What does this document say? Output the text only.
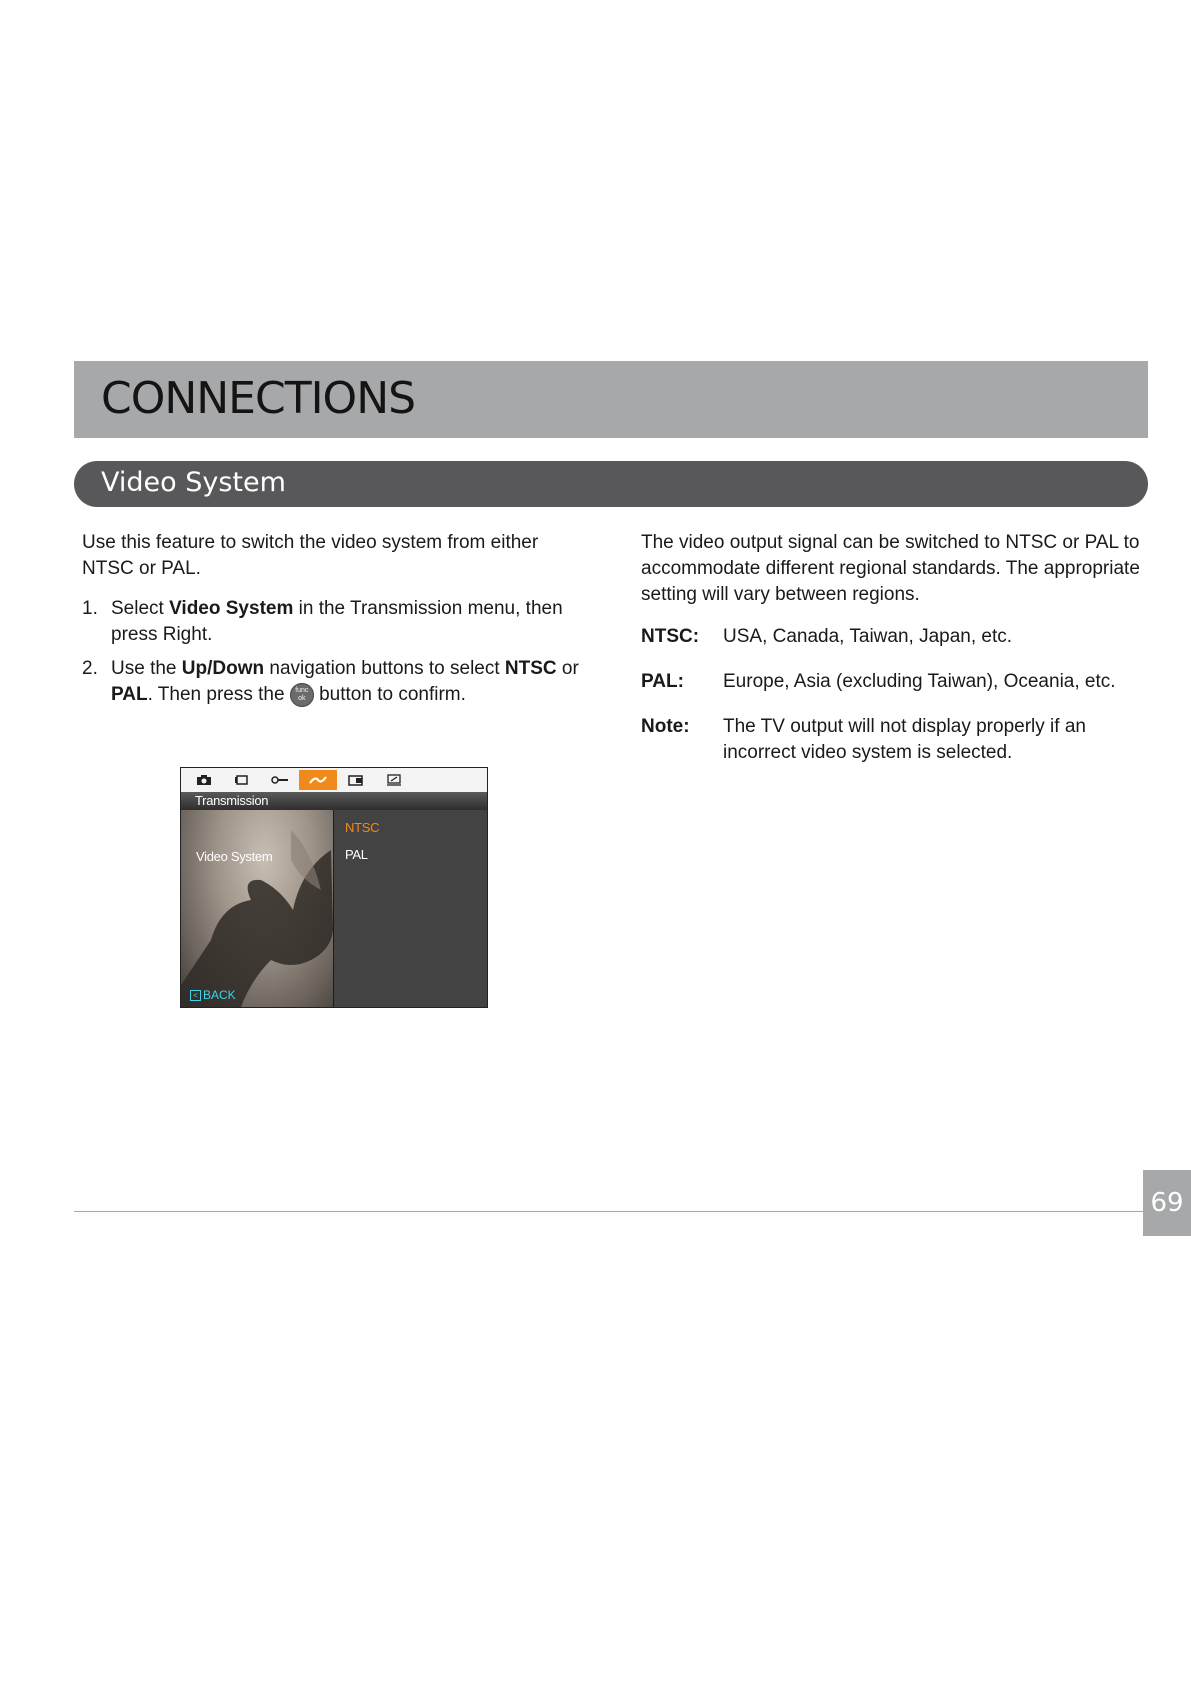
CONNECTIONS
Video System

Use this feature to switch the video system from either NTSC or PAL.

1. Select Video System in the Transmission menu, then press Right.
2. Use the Up/Down navigation buttons to select NTSC or PAL. Then press the func
ok button to confirm.
Transmission
Video System
< BACK
NTSC
PAL

The video output signal can be switched to NTSC or PAL to accommodate different regional standards. The appropriate setting will vary between regions.

NTSC: USA, Canada, Taiwan, Japan, etc.
PAL: Europe, Asia (excluding Taiwan), Oceania, etc.
Note: The TV output will not display properly if an incorrect video system is selected.
69
